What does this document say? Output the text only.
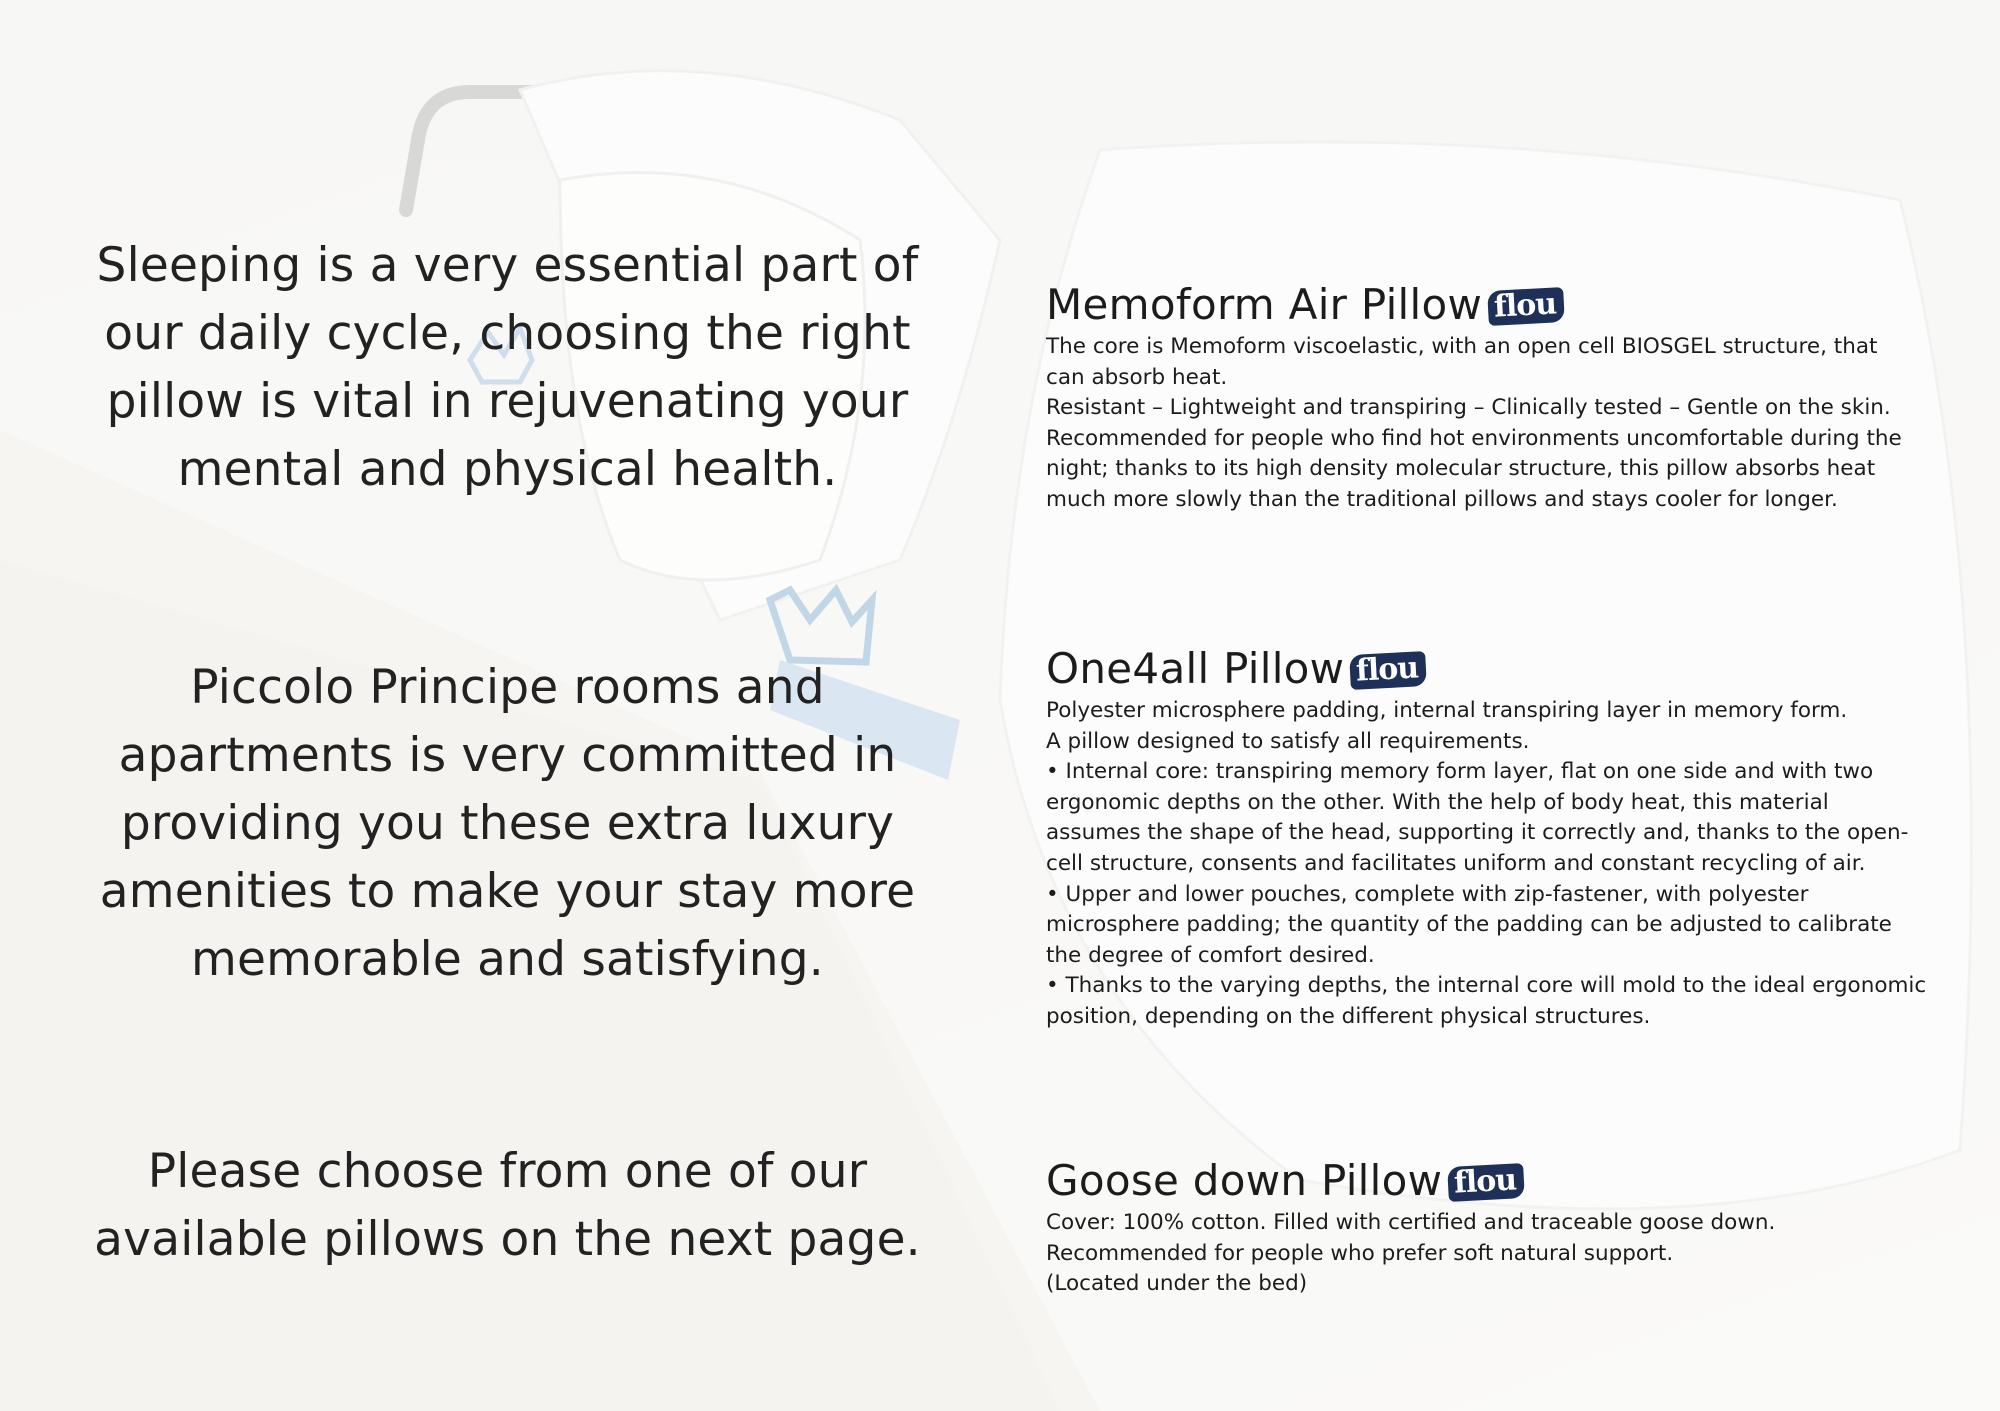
Sleeping is a very essential part of
our daily cycle, choosing the right
pillow is vital in rejuvenating your
mental and physical health.

Piccolo Principe rooms and
apartments is very committed in
providing you these extra luxury
amenities to make your stay more
memorable and satisfying.

Please choose from one of our
available pillows on the next page.

Memoform Air Pillow flou
The core is Memoform viscoelastic, with an open cell BIOSGEL structure, that
can absorb heat.
Resistant – Lightweight and transpiring – Clinically tested – Gentle on the skin.
Recommended for people who find hot environments uncomfortable during the
night; thanks to its high density molecular structure, this pillow absorbs heat
much more slowly than the traditional pillows and stays cooler for longer.
One4all Pillow flou
Polyester microsphere padding, internal transpiring layer in memory form.
A pillow designed to satisfy all requirements.
• Internal core: transpiring memory form layer, flat on one side and with two
ergonomic depths on the other. With the help of body heat, this material
assumes the shape of the head, supporting it correctly and, thanks to the open-
cell structure, consents and facilitates uniform and constant recycling of air.
• Upper and lower pouches, complete with zip-fastener, with polyester
microsphere padding; the quantity of the padding can be adjusted to calibrate
the degree of comfort desired.
• Thanks to the varying depths, the internal core will mold to the ideal ergonomic
position, depending on the different physical structures.
Goose down Pillow flou
Cover: 100% cotton. Filled with certified and traceable goose down.
Recommended for people who prefer soft natural support.
(Located under the bed)
